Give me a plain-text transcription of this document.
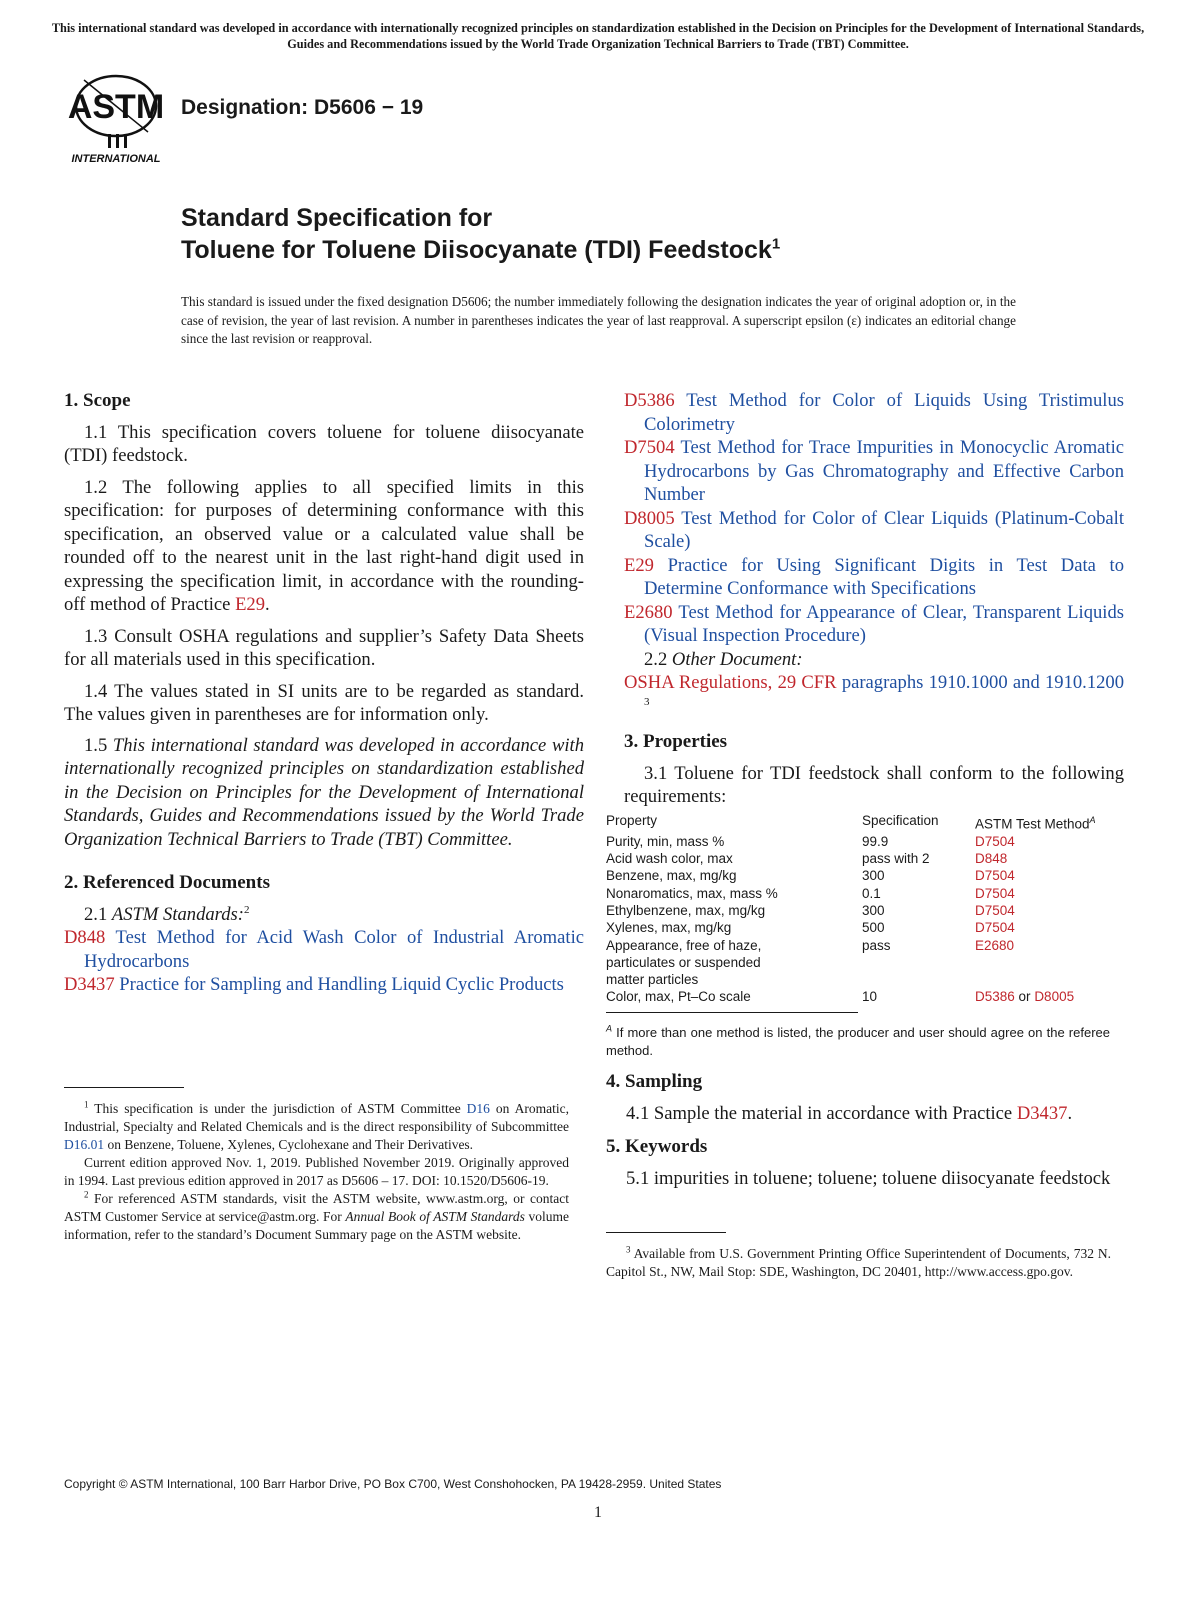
This international standard was developed in accordance with internationally recognized principles on standardization established in the Decision on Principles for the Development of International Standards, Guides and Recommendations issued by the World Trade Organization Technical Barriers to Trade (TBT) Committee.
ASTM
INTERNATIONAL
Designation: D5606 − 19
Standard Specification for
Toluene for Toluene Diisocyanate (TDI) Feedstock$^1$
This standard is issued under the fixed designation D5606; the number immediately following the designation indicates the year of original adoption or, in the case of revision, the year of last revision. A number in parentheses indicates the year of last reapproval. A superscript epsilon (ε) indicates an editorial change since the last revision or reapproval.
1. Scope

1.1 This specification covers toluene for toluene diisocyanate (TDI) feedstock.

1.2 The following applies to all specified limits in this specification: for purposes of determining conformance with this specification, an observed value or a calculated value shall be rounded off to the nearest unit in the last right-hand digit used in expressing the specification limit, in accordance with the rounding-off method of Practice E29.

1.3 Consult OSHA regulations and supplier’s Safety Data Sheets for all materials used in this specification.

1.4 The values stated in SI units are to be regarded as standard. The values given in parentheses are for information only.

1.5 This international standard was developed in accordance with internationally recognized principles on standardization established in the Decision on Principles for the Development of International Standards, Guides and Recommendations issued by the World Trade Organization Technical Barriers to Trade (TBT) Committee.

2. Referenced Documents

2.1 ASTM Standards:$^2$

D848 Test Method for Acid Wash Color of Industrial Aromatic Hydrocarbons

D3437 Practice for Sampling and Handling Liquid Cyclic Products

$^1$ This specification is under the jurisdiction of ASTM Committee D16 on Aromatic, Industrial, Specialty and Related Chemicals and is the direct responsibility of Subcommittee D16.01 on Benzene, Toluene, Xylenes, Cyclohexane and Their Derivatives.

Current edition approved Nov. 1, 2019. Published November 2019. Originally approved in 1994. Last previous edition approved in 2017 as D5606 – 17. DOI: 10.1520/D5606-19.

$^2$ For referenced ASTM standards, visit the ASTM website, www.astm.org, or contact ASTM Customer Service at service@astm.org. For Annual Book of ASTM Standards volume information, refer to the standard’s Document Summary page on the ASTM website.

D5386 Test Method for Color of Liquids Using Tristimulus Colorimetry

D7504 Test Method for Trace Impurities in Monocyclic Aromatic Hydrocarbons by Gas Chromatography and Effective Carbon Number

D8005 Test Method for Color of Clear Liquids (Platinum-Cobalt Scale)

E29 Practice for Using Significant Digits in Test Data to Determine Conformance with Specifications

E2680 Test Method for Appearance of Clear, Transparent Liquids (Visual Inspection Procedure)

2.2 Other Document:

OSHA Regulations, 29 CFR paragraphs 1910.1000 and 1910.1200 $^3$

3. Properties

3.1 Toluene for TDI feedstock shall conform to the following requirements:

Property	Specification	ASTM Test Method$^A$
Purity, min, mass %	99.9	D7504
Acid wash color, max	pass with 2	D848
Benzene, max, mg/kg	300	D7504
Nonaromatics, max, mass %	0.1	D7504
Ethylbenzene, max, mg/kg	300	D7504
Xylenes, max, mg/kg	500	D7504
Appearance, free of haze, particulates or suspended matter particles	pass	E2680
Color, max, Pt–Co scale	10	D5386 or D8005
$^A$ If more than one method is listed, the producer and user should agree on the referee method.
4. Sampling

4.1 Sample the material in accordance with Practice D3437.

5. Keywords

5.1 impurities in toluene; toluene; toluene diisocyanate feedstock

$^3$ Available from U.S. Government Printing Office Superintendent of Documents, 732 N. Capitol St., NW, Mail Stop: SDE, Washington, DC 20401, http://www.access.gpo.gov.

Copyright © ASTM International, 100 Barr Harbor Drive, PO Box C700, West Conshohocken, PA 19428-2959. United States
1
